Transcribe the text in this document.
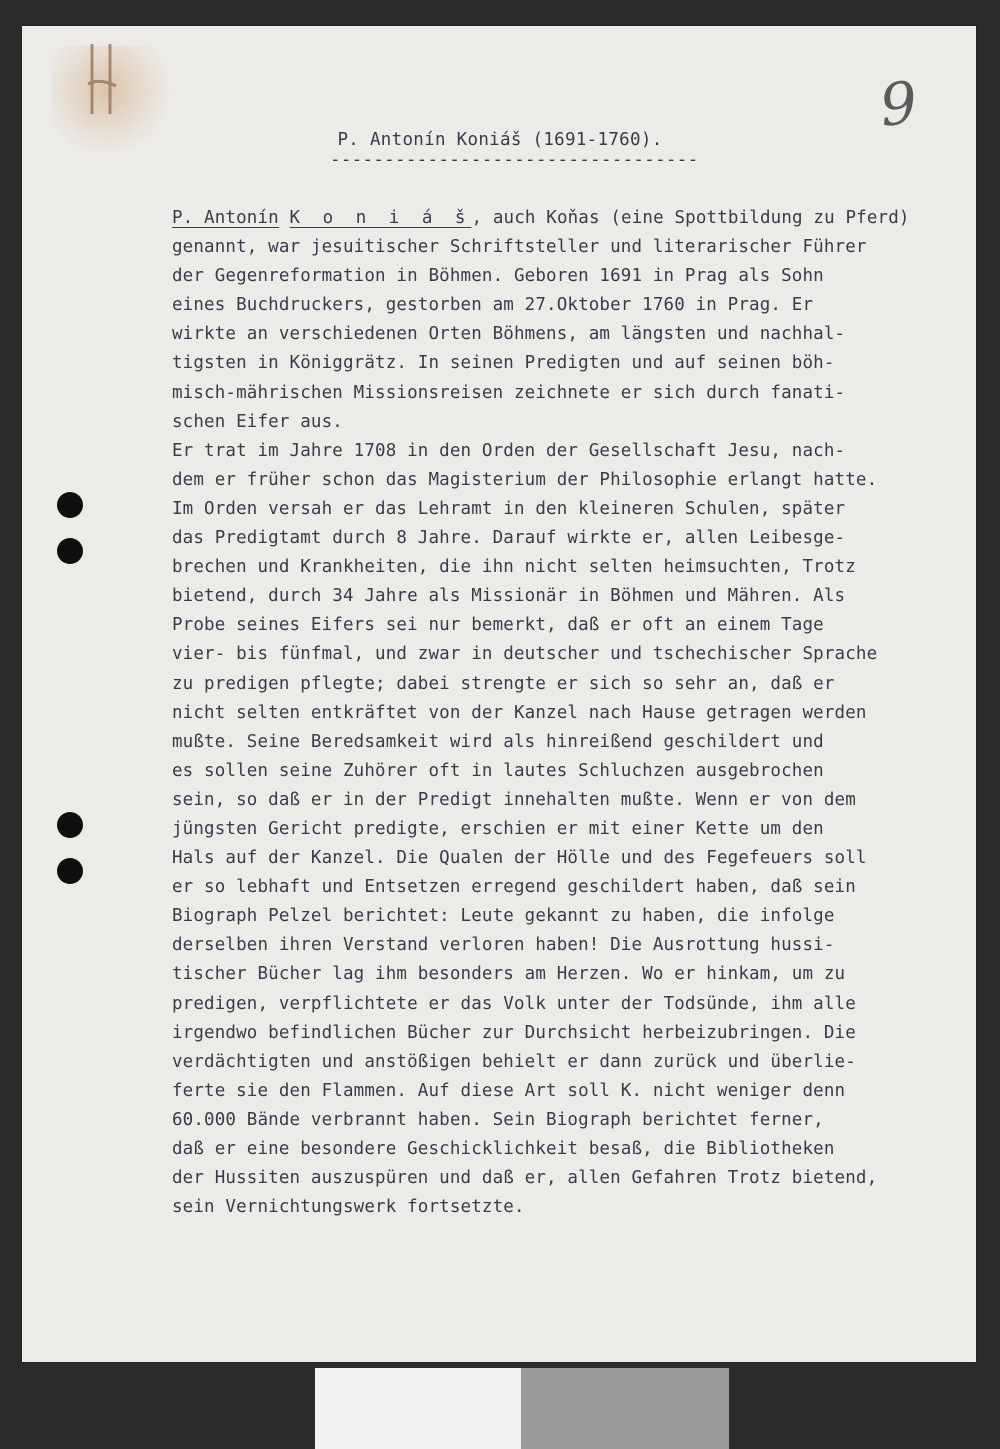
9
P. Antonín Koniáš (1691-1760).
----------------------------------
P. Antonín K o n i á š, auch Koňas (eine Spottbildung zu Pferd)
genannt, war jesuitischer Schriftsteller und literarischer Führer
der Gegenreformation in Böhmen. Geboren 1691 in Prag als Sohn
eines Buchdruckers, gestorben am 27.Oktober 1760 in Prag. Er
wirkte an verschiedenen Orten Böhmens, am längsten und nachhal-
tigsten in Königgrätz. In seinen Predigten und auf seinen böh-
misch-mährischen Missionsreisen zeichnete er sich durch fanati-
schen Eifer aus.
Er trat im Jahre 1708 in den Orden der Gesellschaft Jesu, nach-
dem er früher schon das Magisterium der Philosophie erlangt hatte.
Im Orden versah er das Lehramt in den kleineren Schulen, später
das Predigtamt durch 8 Jahre. Darauf wirkte er, allen Leibesge-
brechen und Krankheiten, die ihn nicht selten heimsuchten, Trotz
bietend, durch 34 Jahre als Missionär in Böhmen und Mähren. Als
Probe seines Eifers sei nur bemerkt, daß er oft an einem Tage
vier- bis fünfmal, und zwar in deutscher und tschechischer Sprache
zu predigen pflegte; dabei strengte er sich so sehr an, daß er
nicht selten entkräftet von der Kanzel nach Hause getragen werden
mußte. Seine Beredsamkeit wird als hinreißend geschildert und
es sollen seine Zuhörer oft in lautes Schluchzen ausgebrochen
sein, so daß er in der Predigt innehalten mußte. Wenn er von dem
jüngsten Gericht predigte, erschien er mit einer Kette um den
Hals auf der Kanzel. Die Qualen der Hölle und des Fegefeuers soll
er so lebhaft und Entsetzen erregend geschildert haben, daß sein
Biograph Pelzel berichtet: Leute gekannt zu haben, die infolge
derselben ihren Verstand verloren haben! Die Ausrottung hussi-
tischer Bücher lag ihm besonders am Herzen. Wo er hinkam, um zu
predigen, verpflichtete er das Volk unter der Todsünde, ihm alle
irgendwo befindlichen Bücher zur Durchsicht herbeizubringen. Die
verdächtigten und anstößigen behielt er dann zurück und überlie-
ferte sie den Flammen. Auf diese Art soll K. nicht weniger denn
60.000 Bände verbrannt haben. Sein Biograph berichtet ferner,
daß er eine besondere Geschicklichkeit besaß, die Bibliotheken
der Hussiten auszuspüren und daß er, allen Gefahren Trotz bietend,
sein Vernichtungswerk fortsetzte.
